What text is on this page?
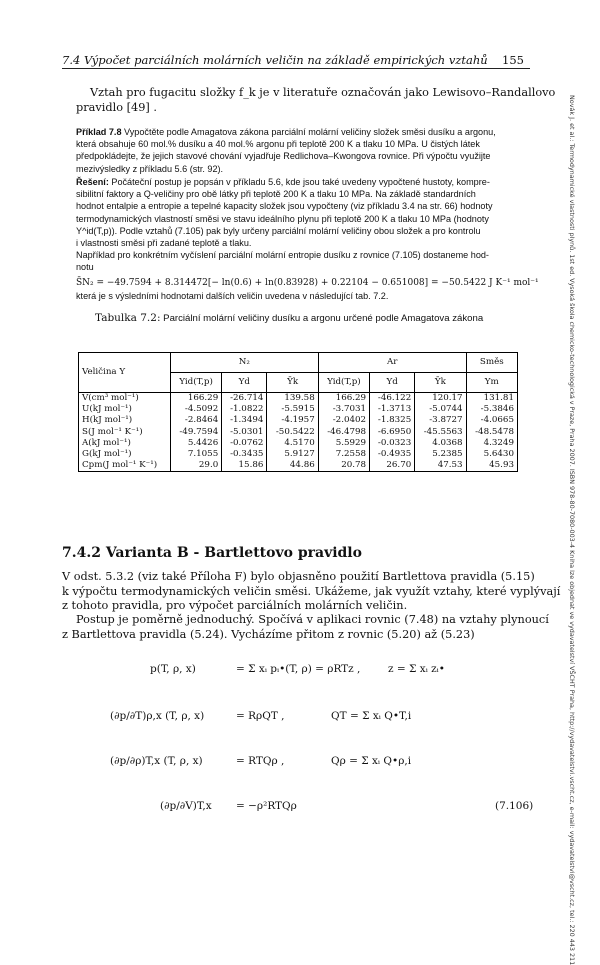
7.4 Výpočet parciálních molárních veličin na základě empirických vztahů 155
Novák J. et al.: Termodynamické vlastnosti plynů. 1st ed. Vysoká škola chemicko-technologická v Praze, Praha 2007. ISBN 978-80-7080-003-4 Kniha lze objednat ve vydavatelství VŠCHT Praha, http://vydavatelstvi.vscht.cz, e-mail: vydavatelstvi@vscht.cz, tel.: 220 443 211
Vztah pro fugacitu složky f_k je v literatuře označován jako Lewisovo–Randallovo
pravidlo [49] .
Příklad 7.8 Vypočtěte podle Amagatova zákona parciální molární veličiny složek směsi dusíku a argonu,
která obsahuje 60 mol.% dusíku a 40 mol.% argonu při teplotě 200 K a tlaku 10 MPa. U čistých látek
předpokládejte, že jejich stavové chování vyjadřuje Redlichova–Kwongova rovnice. Při výpočtu využijte
mezivýsledky z příkladu 5.6 (str. 92).
Řešení: Počáteční postup je popsán v příkladu 5.6, kde jsou také uvedeny vypočtené hustoty, kompre-
sibilitní faktory a Q-veličiny pro obě látky při teplotě 200 K a tlaku 10 MPa. Na základě standardních
hodnot entalpie a entropie a tepelné kapacity složek jsou vypočteny (viz příkladu 3.4 na str. 66) hodnoty
termodynamických vlastností směsi ve stavu ideálního plynu při teplotě 200 K a tlaku 10 MPa (hodnoty
Y^id(T,p)). Podle vztahů (7.105) pak byly určeny parciální molární veličiny obou složek a pro kontrolu
i vlastnosti směsi při zadané teplotě a tlaku.
Například pro konkrétním vyčíslení parciální molární entropie dusíku z rovnice (7.105) dostaneme hod-
notu
S̄N₂ = −49.7594 + 8.314472[− ln(0.6) + ln(0.83928) + 0.22104 − 0.651008] = −50.5422 J K⁻¹ mol⁻¹
která je s výsledními hodnotami dalších veličin uvedena v následující tab. 7.2.
Tabulka 7.2: Parciální molární veličiny dusíku a argonu určené podle Amagatova zákona
Veličina Y	N₂			Ar			Směs
	Yid(T,p)	Yd	Ȳk	Yid(T,p)	Yd	Ȳk	Ym
V(cm³ mol⁻¹)	166.29	-26.714	139.58	166.29	-46.122	120.17	131.81
U(kJ mol⁻¹)	-4.5092	-1.0822	-5.5915	-3.7031	-1.3713	-5.0744	-5.3846
H(kJ mol⁻¹)	-2.8464	-1.3494	-4.1957	-2.0402	-1.8325	-3.8727	-4.0665
S(J mol⁻¹ K⁻¹)	-49.7594	-5.0301	-50.5422	-46.4798	-6.6950	-45.5563	-48.5478
A(kJ mol⁻¹)	5.4426	-0.0762	4.5170	5.5929	-0.0323	4.0368	4.3249
G(kJ mol⁻¹)	7.1055	-0.3435	5.9127	7.2558	-0.4935	5.2385	5.6430
Cpm(J mol⁻¹ K⁻¹)	29.0	15.86	44.86	20.78	26.70	47.53	45.93
7.4.2 Varianta B - Bartlettovo pravidlo
V odst. 5.3.2 (viz také Příloha F) bylo objasněno použití Bartlettova pravidla (5.15)
k výpočtu termodynamických veličin směsi. Ukážeme, jak využít vztahy, které vyplývají
z tohoto pravidla, pro výpočet parciálních molárních veličin.
Postup je poměrně jednoduchý. Spočívá v aplikaci rovnic (7.48) na vztahy plynoucí
z Bartlettova pravidla (5.24). Vycházíme přitom z rovnic (5.20) až (5.23)
p(T, ρ, x)	= Σ xᵢ pᵢ•(T, ρ) = ρRTz ,	z = Σ xᵢ zᵢ•
(∂p/∂T)ρ,x (T, ρ, x)	= RρQT ,	QT = Σ xᵢ Q•T,i
(∂p/∂ρ)T,x (T, ρ, x)	= RTQρ ,	Qρ = Σ xᵢ Q•ρ,i
(∂p/∂V)T,x = −ρ²RTQρ	(7.106)
